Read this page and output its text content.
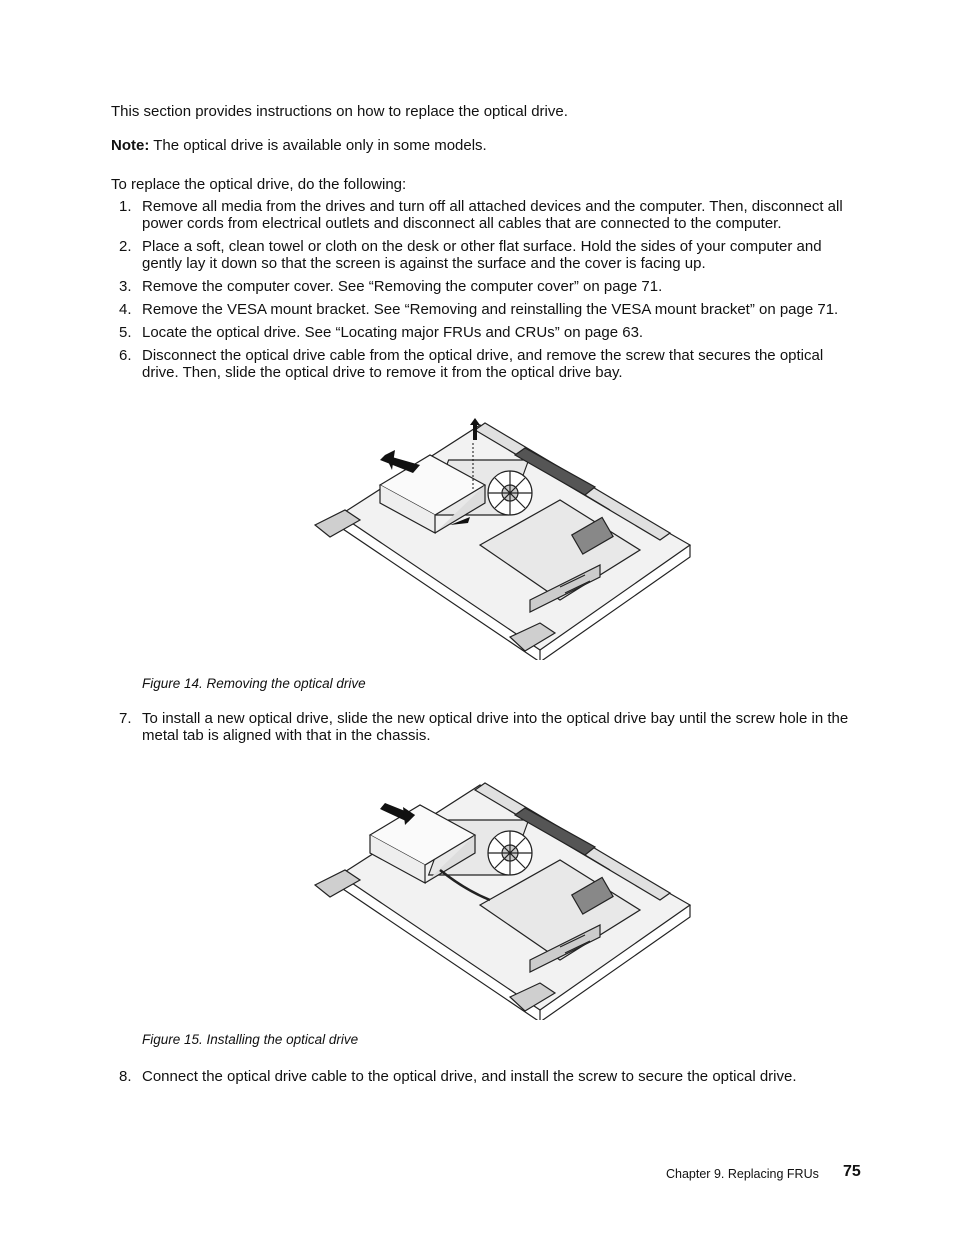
This section provides instructions on how to replace the optical drive.

Note: The optical drive is available only in some models.

To replace the optical drive, do the following:

1. Remove all media from the drives and turn off all attached devices and the computer. Then, disconnect all power cords from electrical outlets and disconnect all cables that are connected to the computer.
2. Place a soft, clean towel or cloth on the desk or other flat surface. Hold the sides of your computer and gently lay it down so that the screen is against the surface and the cover is facing up.
3. Remove the computer cover. See “Removing the computer cover” on page 71.
4. Remove the VESA mount bracket. See “Removing and reinstalling the VESA mount bracket” on page 71.
5. Locate the optical drive. See “Locating major FRUs and CRUs” on page 63.
6. Disconnect the optical drive cable from the optical drive, and remove the screw that secures the optical drive. Then, slide the optical drive to remove it from the optical drive bay.

Figure 14. Removing the optical drive

7. To install a new optical drive, slide the new optical drive into the optical drive bay until the screw hole in the metal tab is aligned with that in the chassis.

Figure 15. Installing the optical drive

8. Connect the optical drive cable to the optical drive, and install the screw to secure the optical drive.
Chapter 9. Replacing FRUs 75
